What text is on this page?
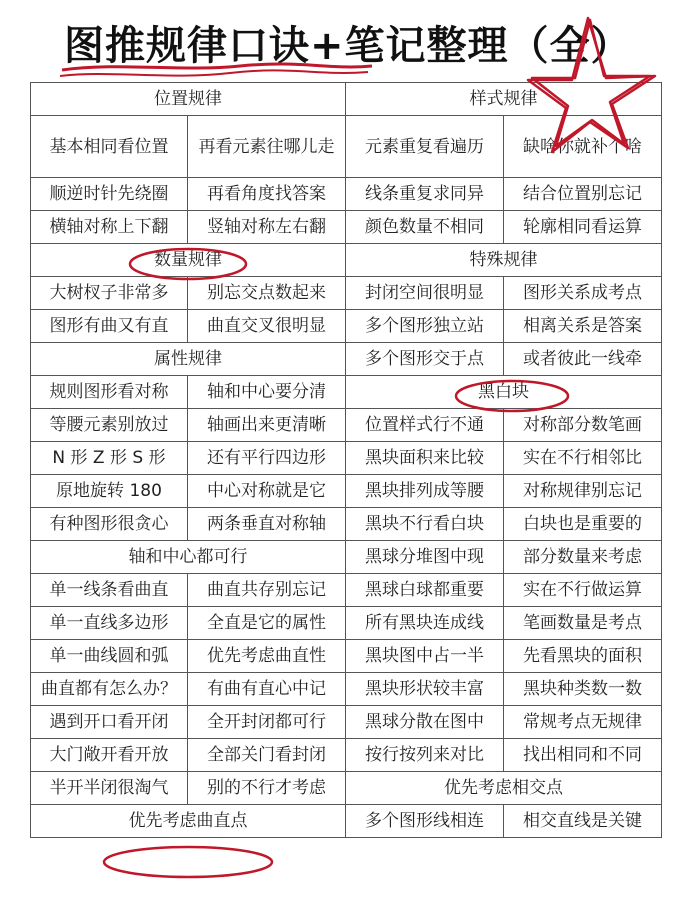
图推规律口诀+笔记整理（全）
位置规律		样式规律	
基本相同看位置	再看元素往哪儿走	元素重复看遍历	缺啥你就补个啥
顺逆时针先绕圈	再看角度找答案	线条重复求同异	结合位置别忘记
横轴对称上下翻	竖轴对称左右翻	颜色数量不相同	轮廓相同看运算
数量规律		特殊规律	
大树杈子非常多	别忘交点数起来	封闭空间很明显	图形关系成考点
图形有曲又有直	曲直交叉很明显	多个图形独立站	相离关系是答案
属性规律		多个图形交于点	或者彼此一线牵
规则图形看对称	轴和中心要分清	黑白块	
等腰元素别放过	轴画出来更清晰	位置样式行不通	对称部分数笔画
N 形 Z 形 S 形	还有平行四边形	黑块面积来比较	实在不行相邻比
原地旋转 180	中心对称就是它	黑块排列成等腰	对称规律别忘记
有种图形很贪心	两条垂直对称轴	黑块不行看白块	白块也是重要的
轴和中心都可行		黑球分堆图中现	部分数量来考虑
单一线条看曲直	曲直共存别忘记	黑球白球都重要	实在不行做运算
单一直线多边形	全直是它的属性	所有黑块连成线	笔画数量是考点
单一曲线圆和弧	优先考虑曲直性	黑块图中占一半	先看黑块的面积
曲直都有怎么办？	有曲有直心中记	黑块形状较丰富	黑块种类数一数
遇到开口看开闭	全开封闭都可行	黑球分散在图中	常规考点无规律
大门敞开看开放	全部关门看封闭	按行按列来对比	找出相同和不同
半开半闭很淘气	别的不行才考虑	优先考虑相交点	
优先考虑曲直点		多个图形线相连	相交直线是关键
